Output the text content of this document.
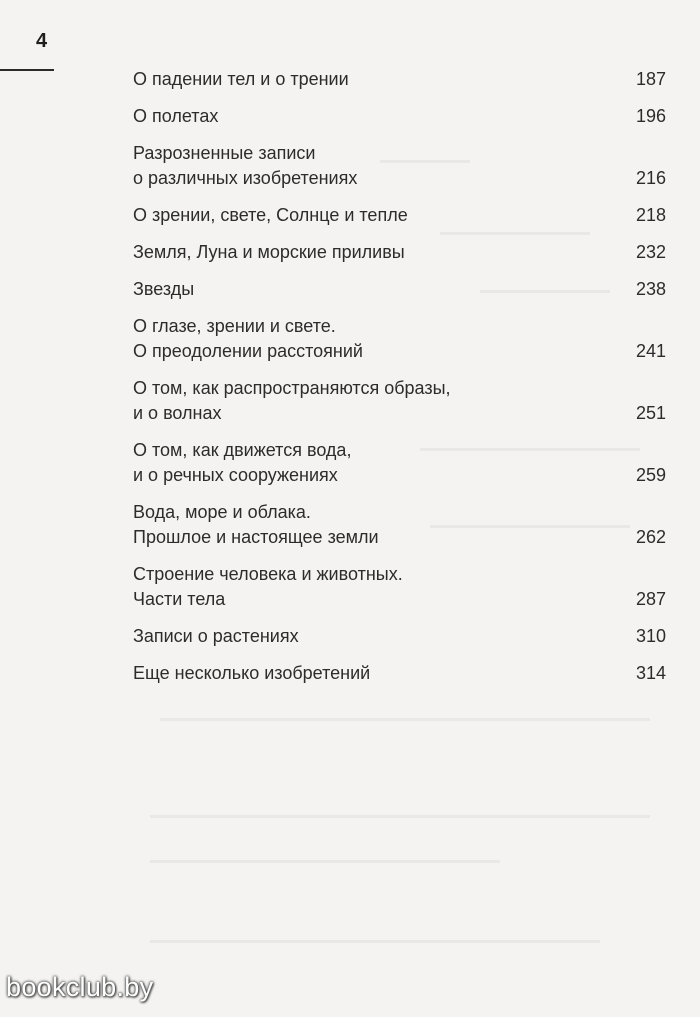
4
О падении тел и о трении	187
О полетах	196
Разрозненные записи
о различных изобретениях	216
О зрении, свете, Солнце и тепле	218
Земля, Луна и морские приливы	232
Звезды	238
О глазе, зрении и свете.
О преодолении расстояний	241
О том, как распространяются образы,
и о волнах	251
О том, как движется вода,
и о речных сооружениях	259
Вода, море и облака.
Прошлое и настоящее земли	262
Строение человека и животных.
Части тела	287
Записи о растениях	310
Еще несколько изобретений	314
bookclub.by
